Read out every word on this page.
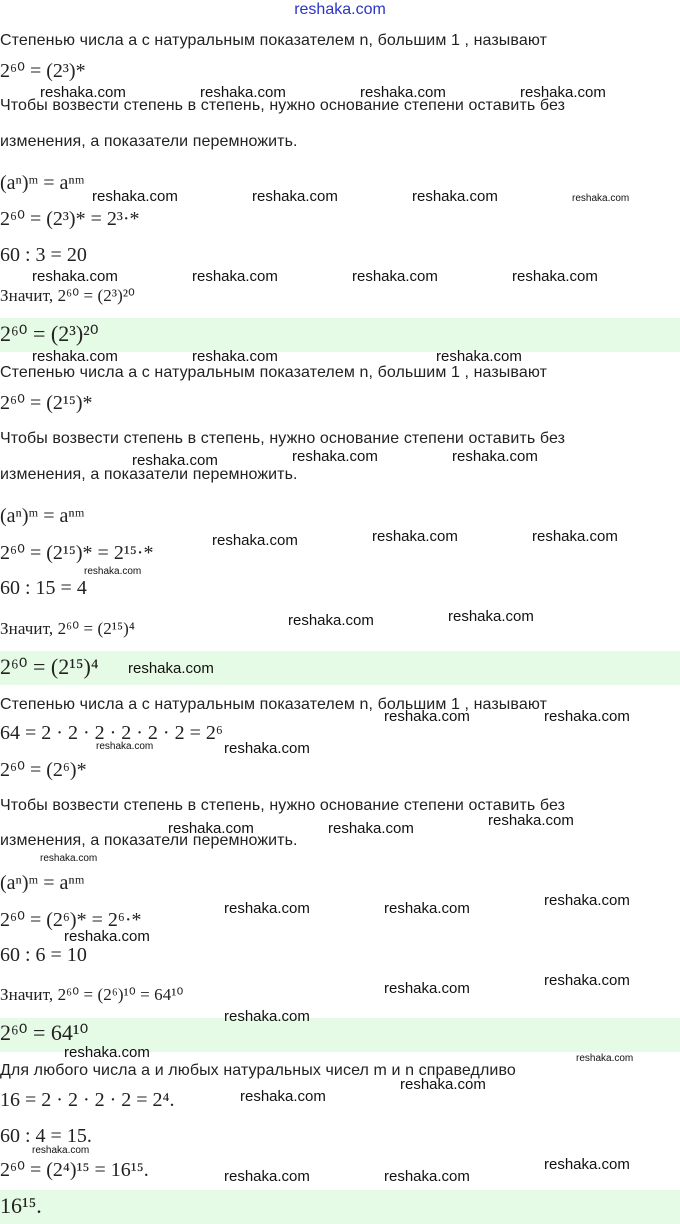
reshaka.com
Степенью числа a с натуральным показателем n, большим 1 , называют
2⁶⁰ = (2³)*
Чтобы возвести степень в степень, нужно основание степени оставить без
изменения, а показатели перемножить.
(aⁿ)ᵐ = aⁿᵐ
2⁶⁰ = (2³)* = 2³·*
60 : 3 = 20
Значит, 2⁶⁰ = (2³)²⁰
2⁶⁰ = (2³)²⁰
Степенью числа a с натуральным показателем n, большим 1 , называют
2⁶⁰ = (2¹⁵)*
Чтобы возвести степень в степень, нужно основание степени оставить без
изменения, а показатели перемножить.
(aⁿ)ᵐ = aⁿᵐ
2⁶⁰ = (2¹⁵)* = 2¹⁵·*
60 : 15 = 4
Значит, 2⁶⁰ = (2¹⁵)⁴
2⁶⁰ = (2¹⁵)⁴
Степенью числа a с натуральным показателем n, большим 1 , называют
64 = 2 · 2 · 2 · 2 · 2 · 2 = 2⁶
2⁶⁰ = (2⁶)*
Чтобы возвести степень в степень, нужно основание степени оставить без
изменения, а показатели перемножить.
(aⁿ)ᵐ = aⁿᵐ
2⁶⁰ = (2⁶)* = 2⁶·*
60 : 6 = 10
Значит, 2⁶⁰ = (2⁶)¹⁰ = 64¹⁰
2⁶⁰ = 64¹⁰
Для любого числа a и любых натуральных чисел m и n справедливо
16 = 2 · 2 · 2 · 2 = 2⁴.
60 : 4 = 15.
2⁶⁰ = (2⁴)¹⁵ = 16¹⁵.
16¹⁵.
reshaka.com	reshaka.com	reshaka.com	reshaka.com
reshaka.com	reshaka.com	reshaka.com	reshaka.com
reshaka.com	reshaka.com	reshaka.com	reshaka.com
reshaka.com	reshaka.com	reshaka.com
reshaka.com	reshaka.com	reshaka.com
reshaka.com	reshaka.com	reshaka.com
reshaka.com
reshaka.com	reshaka.com
reshaka.com
reshaka.com	reshaka.com
reshaka.com	reshaka.com
reshaka.com	reshaka.com	reshaka.com
reshaka.com
reshaka.com	reshaka.com	reshaka.com
reshaka.com
reshaka.com
reshaka.com
reshaka.com
reshaka.com	reshaka.com
reshaka.com
reshaka.com
reshaka.com
reshaka.com
reshaka.com	reshaka.com
